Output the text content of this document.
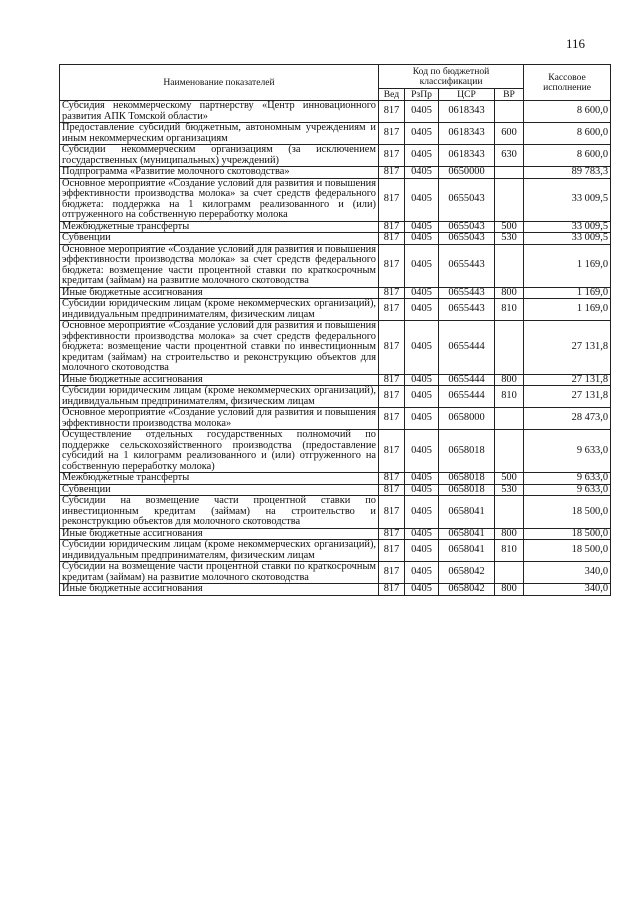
116
Наименование показателей	Код по бюджетной классификации				Кассовое исполнение
	Вед	РзПр	ЦСР	ВР	
Субсидия некоммерческому партнерству «Центр инновационного развития АПК Томской области»	817	0405	0618343		8 600,0
Предоставление субсидий бюджетным, автономным учреждениям и иным некоммерческим организациям	817	0405	0618343	600	8 600,0
Субсидии некоммерческим организациям (за исключением государственных (муниципальных) учреждений)	817	0405	0618343	630	8 600,0
Подпрограмма «Развитие молочного скотоводства»	817	0405	0650000		89 783,3
Основное мероприятие «Создание условий для развития и повышения эффективности производства молока» за счет средств федерального бюджета: поддержка на 1 килограмм реализованного и (или) отгруженного на собственную переработку молока	817	0405	0655043		33 009,5
Межбюджетные трансферты	817	0405	0655043	500	33 009,5
Субвенции	817	0405	0655043	530	33 009,5
Основное мероприятие «Создание условий для развития и повышения эффективности производства молока» за счет средств федерального бюджета: возмещение части процентной ставки по краткосрочным кредитам (займам) на развитие молочного скотоводства	817	0405	0655443		1 169,0
Иные бюджетные ассигнования	817	0405	0655443	800	1 169,0
Субсидии юридическим лицам (кроме некоммерческих организаций), индивидуальным предпринимателям, физическим лицам	817	0405	0655443	810	1 169,0
Основное мероприятие «Создание условий для развития и повышения эффективности производства молока» за счет средств федерального бюджета: возмещение части процентной ставки по инвестиционным кредитам (займам) на строительство и реконструкцию объектов для молочного скотоводства	817	0405	0655444		27 131,8
Иные бюджетные ассигнования	817	0405	0655444	800	27 131,8
Субсидии юридическим лицам (кроме некоммерческих организаций), индивидуальным предпринимателям, физическим лицам	817	0405	0655444	810	27 131,8
Основное мероприятие «Создание условий для развития и повышения эффективности производства молока»	817	0405	0658000		28 473,0
Осуществление отдельных государственных полномочий по поддержке сельскохозяйственного производства (предоставление субсидий на 1 килограмм реализованного и (или) отгруженного на собственную переработку молока)	817	0405	0658018		9 633,0
Межбюджетные трансферты	817	0405	0658018	500	9 633,0
Субвенции	817	0405	0658018	530	9 633,0
Субсидии на возмещение части процентной ставки по инвестиционным кредитам (займам) на строительство и реконструкцию объектов для молочного скотоводства	817	0405	0658041		18 500,0
Иные бюджетные ассигнования	817	0405	0658041	800	18 500,0
Субсидии юридическим лицам (кроме некоммерческих организаций), индивидуальным предпринимателям, физическим лицам	817	0405	0658041	810	18 500,0
Субсидии на возмещение части процентной ставки по краткосрочным кредитам (займам) на развитие молочного скотоводства	817	0405	0658042		340,0
Иные бюджетные ассигнования	817	0405	0658042	800	340,0
